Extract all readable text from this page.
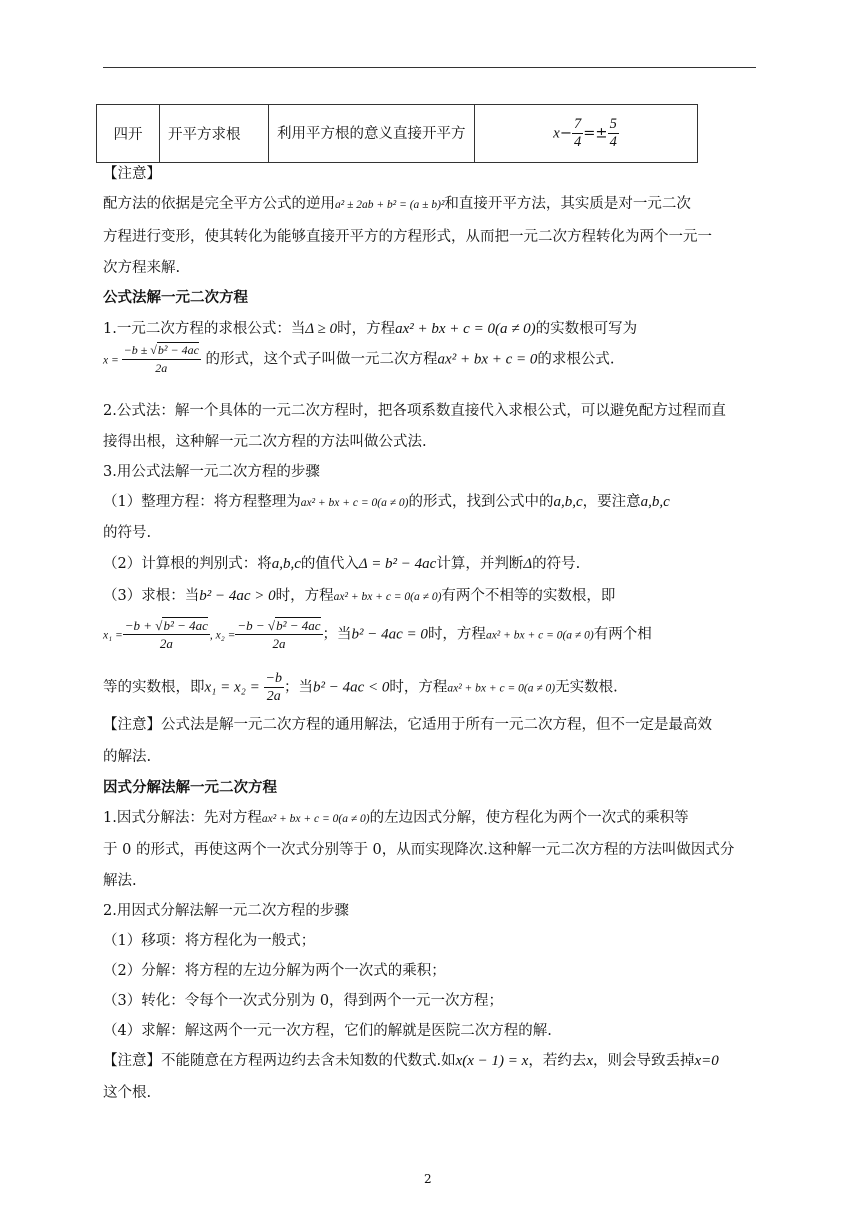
四开	开平方求根	利用平方根的意义直接开平方	$x- \frac{7}{4} =\pm \frac{5}{4}$
【注意】
配方法的依据是完全平方公式的逆用a² ± 2ab + b² = (a ± b)²和直接开平方法，其实质是对一元二次
方程进行变形，使其转化为能够直接开平方的方程形式，从而把一元二次方程转化为两个一元一
次方程来解.
公式法解一元二次方程
1.一元二次方程的求根公式：当Δ ≥ 0时，方程ax² + bx + c = 0(a ≠ 0)的实数根可写为
$x = \frac{\text{−b ± √b² − 4ac}}{2a}$ 的形式，这个式子叫做一元二次方程ax² + bx + c = 0的求根公式.
2.公式法：解一个具体的一元二次方程时，把各项系数直接代入求根公式，可以避免配方过程而直
接得出根，这种解一元二次方程的方法叫做公式法.
3.用公式法解一元二次方程的步骤
（1）整理方程：将方程整理为ax² + bx + c = 0(a ≠ 0)的形式，找到公式中的a,b,c，要注意a,b,c
的符号.
（2）计算根的判别式：将a,b,c的值代入Δ = b² − 4ac计算，并判断Δ的符号.
（3）求根：当b² − 4ac > 0时，方程ax² + bx + c = 0(a ≠ 0)有两个不相等的实数根，即
$x_1 = \frac{\text{−b + √b² − 4ac}}{2a}$ , $x_2 = \frac{\text{−b − √b² − 4ac}}{2a}$ ；当b² − 4ac = 0时，方程ax² + bx + c = 0(a ≠ 0)有两个相
等的实数根，即$x_1 = x_2 = \frac{-b}{2a}$ ；当b² − 4ac < 0时，方程ax² + bx + c = 0(a ≠ 0)无实数根.
【注意】公式法是解一元二次方程的通用解法，它适用于所有一元二次方程，但不一定是最高效
的解法.
因式分解法解一元二次方程
1.因式分解法：先对方程ax² + bx + c = 0(a ≠ 0)的左边因式分解，使方程化为两个一次式的乘积等
于 0 的形式，再使这两个一次式分别等于 0，从而实现降次.这种解一元二次方程的方法叫做因式分
解法.
2.用因式分解法解一元二次方程的步骤
（1）移项：将方程化为一般式；
（2）分解：将方程的左边分解为两个一次式的乘积；
（3）转化：令每个一次式分别为 0，得到两个一元一次方程；
（4）求解：解这两个一元一次方程，它们的解就是医院二次方程的解.
【注意】不能随意在方程两边约去含未知数的代数式.如x(x − 1) = x，若约去x，则会导致丢掉x=0
这个根.
2
